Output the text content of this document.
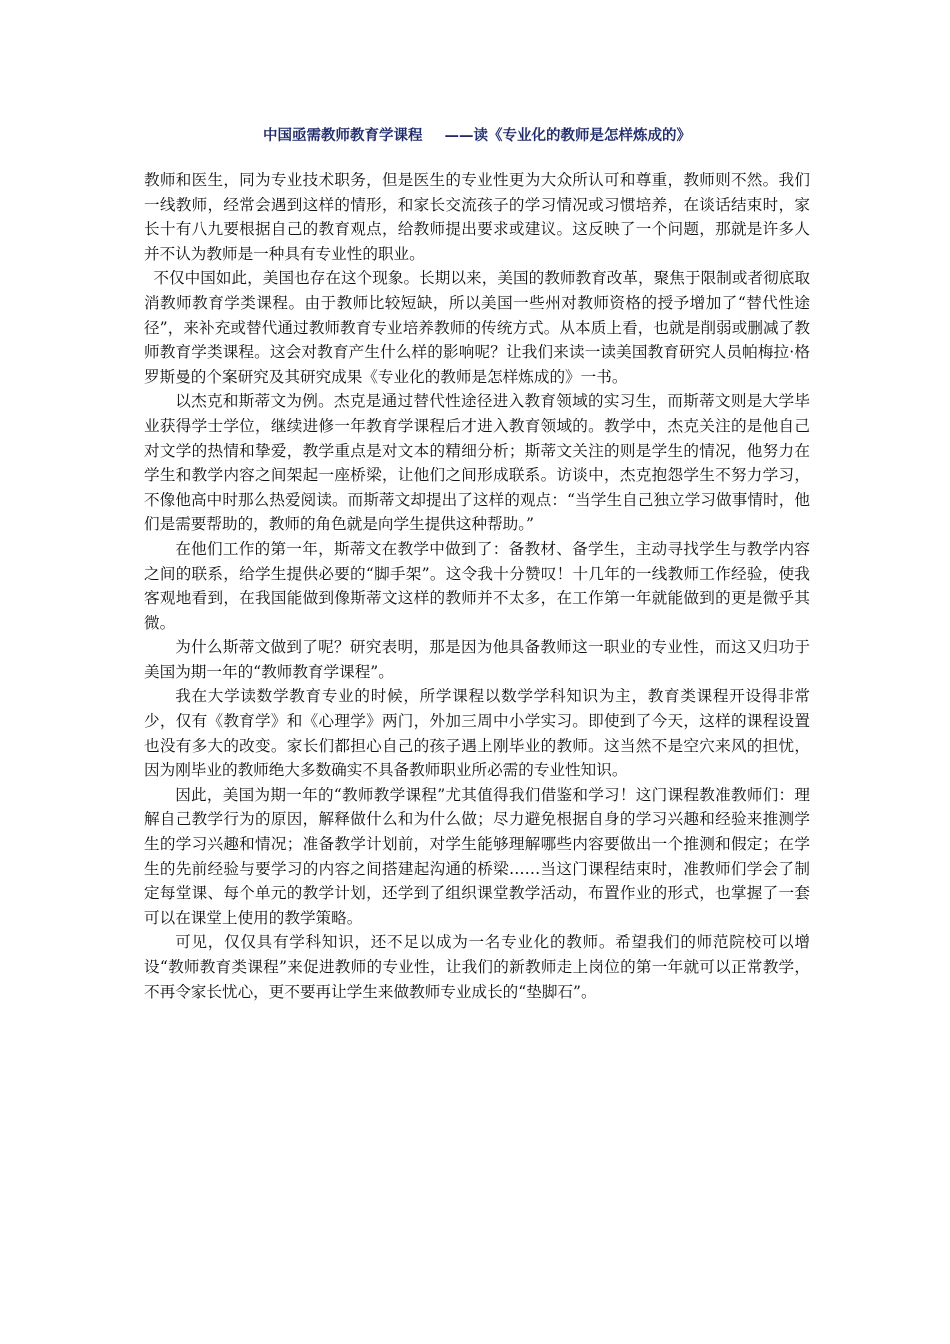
中国亟需教师教育学课程 ——读《专业化的教师是怎样炼成的》

教师和医生，同为专业技术职务，但是医生的专业性更为大众所认可和尊重，教师则不然。我们一线教师，经常会遇到这样的情形，和家长交流孩子的学习情况或习惯培养，在谈话结束时，家长十有八九要根据自己的教育观点，给教师提出要求或建议。这反映了一个问题，那就是许多人并不认为教师是一种具有专业性的职业。

不仅中国如此，美国也存在这个现象。长期以来，美国的教师教育改革，聚焦于限制或者彻底取消教师教育学类课程。由于教师比较短缺，所以美国一些州对教师资格的授予增加了“替代性途径”，来补充或替代通过教师教育专业培养教师的传统方式。从本质上看，也就是削弱或删减了教师教育学类课程。这会对教育产生什么样的影响呢？让我们来读一读美国教育研究人员帕梅拉·格罗斯曼的个案研究及其研究成果《专业化的教师是怎样炼成的》一书。

以杰克和斯蒂文为例。杰克是通过替代性途径进入教育领域的实习生，而斯蒂文则是大学毕业获得学士学位，继续进修一年教育学课程后才进入教育领域的。教学中，杰克关注的是他自己对文学的热情和挚爱，教学重点是对文本的精细分析；斯蒂文关注的则是学生的情况，他努力在学生和教学内容之间架起一座桥梁，让他们之间形成联系。访谈中，杰克抱怨学生不努力学习，不像他高中时那么热爱阅读。而斯蒂文却提出了这样的观点：“当学生自己独立学习做事情时，他们是需要帮助的，教师的角色就是向学生提供这种帮助。”

在他们工作的第一年，斯蒂文在教学中做到了：备教材、备学生，主动寻找学生与教学内容之间的联系，给学生提供必要的“脚手架”。这令我十分赞叹！十几年的一线教师工作经验，使我客观地看到，在我国能做到像斯蒂文这样的教师并不太多，在工作第一年就能做到的更是微乎其微。

为什么斯蒂文做到了呢？研究表明，那是因为他具备教师这一职业的专业性，而这又归功于美国为期一年的“教师教育学课程”。

我在大学读数学教育专业的时候，所学课程以数学学科知识为主，教育类课程开设得非常少，仅有《教育学》和《心理学》两门，外加三周中小学实习。即使到了今天，这样的课程设置也没有多大的改变。家长们都担心自己的孩子遇上刚毕业的教师。这当然不是空穴来风的担忧，因为刚毕业的教师绝大多数确实不具备教师职业所必需的专业性知识。

因此，美国为期一年的“教师教学课程”尤其值得我们借鉴和学习！这门课程教准教师们：理解自己教学行为的原因，解释做什么和为什么做；尽力避免根据自身的学习兴趣和经验来推测学生的学习兴趣和情况；准备教学计划前，对学生能够理解哪些内容要做出一个推测和假定；在学生的先前经验与要学习的内容之间搭建起沟通的桥梁……当这门课程结束时，准教师们学会了制定每堂课、每个单元的教学计划，还学到了组织课堂教学活动，布置作业的形式，也掌握了一套可以在课堂上使用的教学策略。

可见，仅仅具有学科知识，还不足以成为一名专业化的教师。希望我们的师范院校可以增设“教师教育类课程”来促进教师的专业性，让我们的新教师走上岗位的第一年就可以正常教学，不再令家长忧心，更不要再让学生来做教师专业成长的“垫脚石”。
